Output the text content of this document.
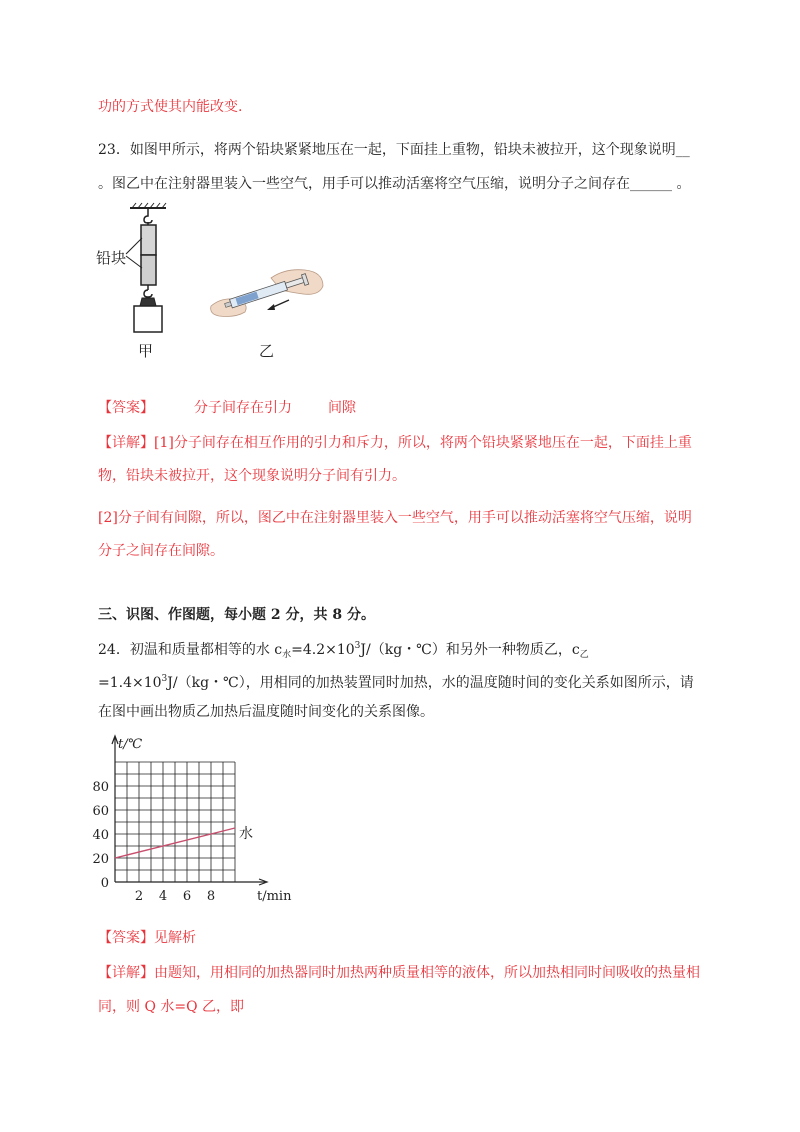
功的方式使其内能改变.
23．如图甲所示，将两个铅块紧紧地压在一起，下面挂上重物，铅块未被拉开，这个现象说明__
。图乙中在注射器里装入一些空气，用手可以推动活塞将空气压缩，说明分子之间存在______ 。
铅块
甲	乙
【答案】	分子间存在引力	间隙
【详解】[1]分子间存在相互作用的引力和斥力，所以，将两个铅块紧紧地压在一起，下面挂上重
物，铅块未被拉开，这个现象说明分子间有引力。
[2]分子间有间隙，所以，图乙中在注射器里装入一些空气，用手可以推动活塞将空气压缩，说明
分子之间存在间隙。
三、识图、作图题，每小题 2 分，共 8 分。
24．初温和质量都相等的水 $c_水=4.2\times 10^3J/(kg$・℃）和另外一种物质乙，$c_乙$
$=1.4\times 10^3J/(kg$・℃），用相同的加热装置同时加热，水的温度随时间的变化关系如图所示，请
在图中画出物质乙加热后温度随时间变化的关系图像。
0
20
40
60
80
2 4 6 8
t/℃
t/min
水
【答案】见解析
【详解】由题知，用相同的加热器同时加热两种质量相等的液体，所以加热相同时间吸收的热量相
同，则 Q 水=Q 乙，即
